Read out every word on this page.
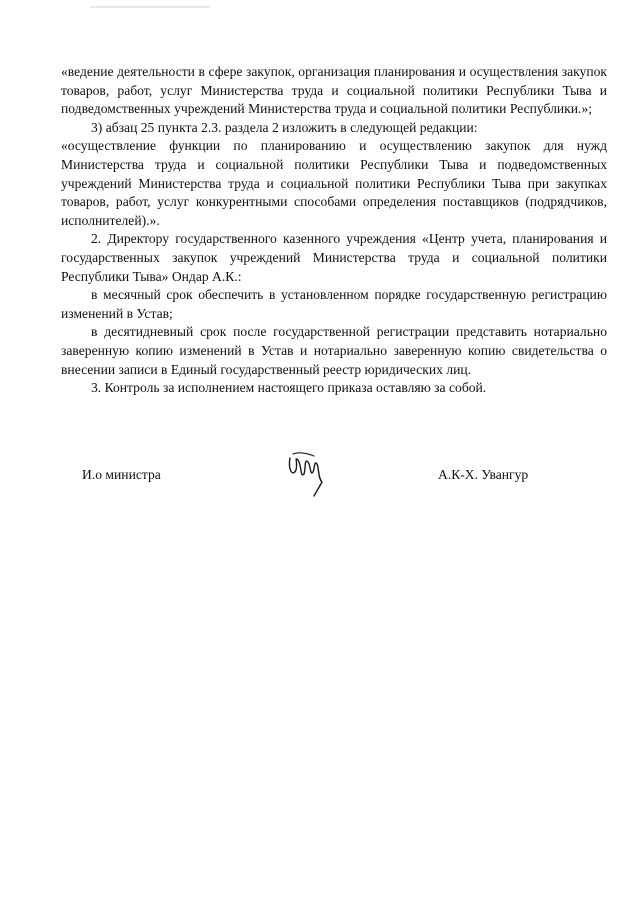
«ведение деятельности в сфере закупок, организация планирования и осуществления закупок товаров, работ, услуг Министерства труда и социальной политики Республики Тыва и подведомственных учреждений Министерства труда и социальной политики Республики.»;

3) абзац 25 пункта 2.3. раздела 2 изложить в следующей редакции:

«осуществление функции по планированию и осуществлению закупок для нужд Министерства труда и социальной политики Республики Тыва и подведомственных учреждений Министерства труда и социальной политики Республики Тыва при закупках товаров, работ, услуг конкурентными способами определения поставщиков (подрядчиков, исполнителей).».

2. Директору государственного казенного учреждения «Центр учета, планирования и государственных закупок учреждений Министерства труда и социальной политики Республики Тыва» Ондар А.К.:

в месячный срок обеспечить в установленном порядке государственную регистрацию изменений в Устав;

в десятидневный срок после государственной регистрации представить нотариально заверенную копию изменений в Устав и нотариально заверенную копию свидетельства о внесении записи в Единый государственный реестр юридических лиц.

3. Контроль за исполнением настоящего приказа оставляю за собой.

И.о министра	А.К-Х. Увангур
